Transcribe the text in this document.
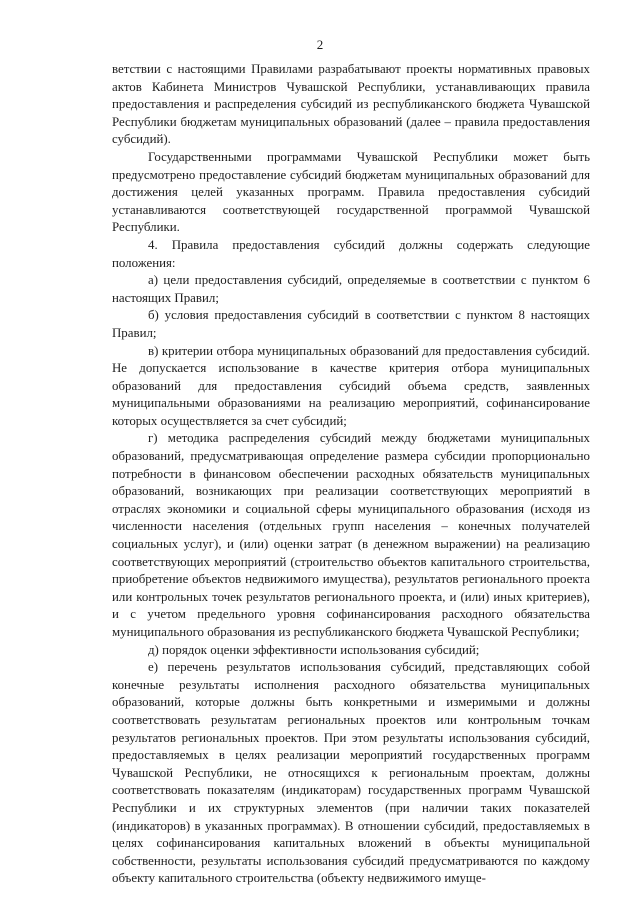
2

ветствии с настоящими Правилами разрабатывают проекты нормативных правовых актов Кабинета Министров Чувашской Республики, устанавливающих правила предоставления и распределения субсидий из республиканского бюджета Чувашской Республики бюджетам муниципальных образований (далее – правила предоставления субсидий).

Государственными программами Чувашской Республики может быть предусмотрено предоставление субсидий бюджетам муниципальных образований для достижения целей указанных программ. Правила предоставления субсидий устанавливаются соответствующей государственной программой Чувашской Республики.

4. Правила предоставления субсидий должны содержать следующие положения:

а) цели предоставления субсидий, определяемые в соответствии с пунктом 6 настоящих Правил;

б) условия предоставления субсидий в соответствии с пунктом 8 настоящих Правил;

в) критерии отбора муниципальных образований для предоставления субсидий. Не допускается использование в качестве критерия отбора муниципальных образований для предоставления субсидий объема средств, заявленных муниципальными образованиями на реализацию мероприятий, софинансирование которых осуществляется за счет субсидий;

г) методика распределения субсидий между бюджетами муниципальных образований, предусматривающая определение размера субсидии пропорционально потребности в финансовом обеспечении расходных обязательств муниципальных образований, возникающих при реализации соответствующих мероприятий в отраслях экономики и социальной сферы муниципального образования (исходя из численности населения (отдельных групп населения – конечных получателей социальных услуг), и (или) оценки затрат (в денежном выражении) на реализацию соответствующих мероприятий (строительство объектов капитального строительства, приобретение объектов недвижимого имущества), результатов регионального проекта или контрольных точек результатов регионального проекта, и (или) иных критериев), и с учетом предельного уровня софинансирования расходного обязательства муниципального образования из республиканского бюджета Чувашской Республики;

д) порядок оценки эффективности использования субсидий;

е) перечень результатов использования субсидий, представляющих собой конечные результаты исполнения расходного обязательства муниципальных образований, которые должны быть конкретными и измеримыми и должны соответствовать результатам региональных проектов или контрольным точкам результатов региональных проектов. При этом результаты использования субсидий, предоставляемых в целях реализации мероприятий государственных программ Чувашской Республики, не относящихся к региональным проектам, должны соответствовать показателям (индикаторам) государственных программ Чувашской Республики и их структурных элементов (при наличии таких показателей (индикаторов) в указанных программах). В отношении субсидий, предоставляемых в целях софинансирования капитальных вложений в объекты муниципальной собственности, результаты использования субсидий предусматриваются по каждому объекту капитального строительства (объекту недвижимого имуще-
